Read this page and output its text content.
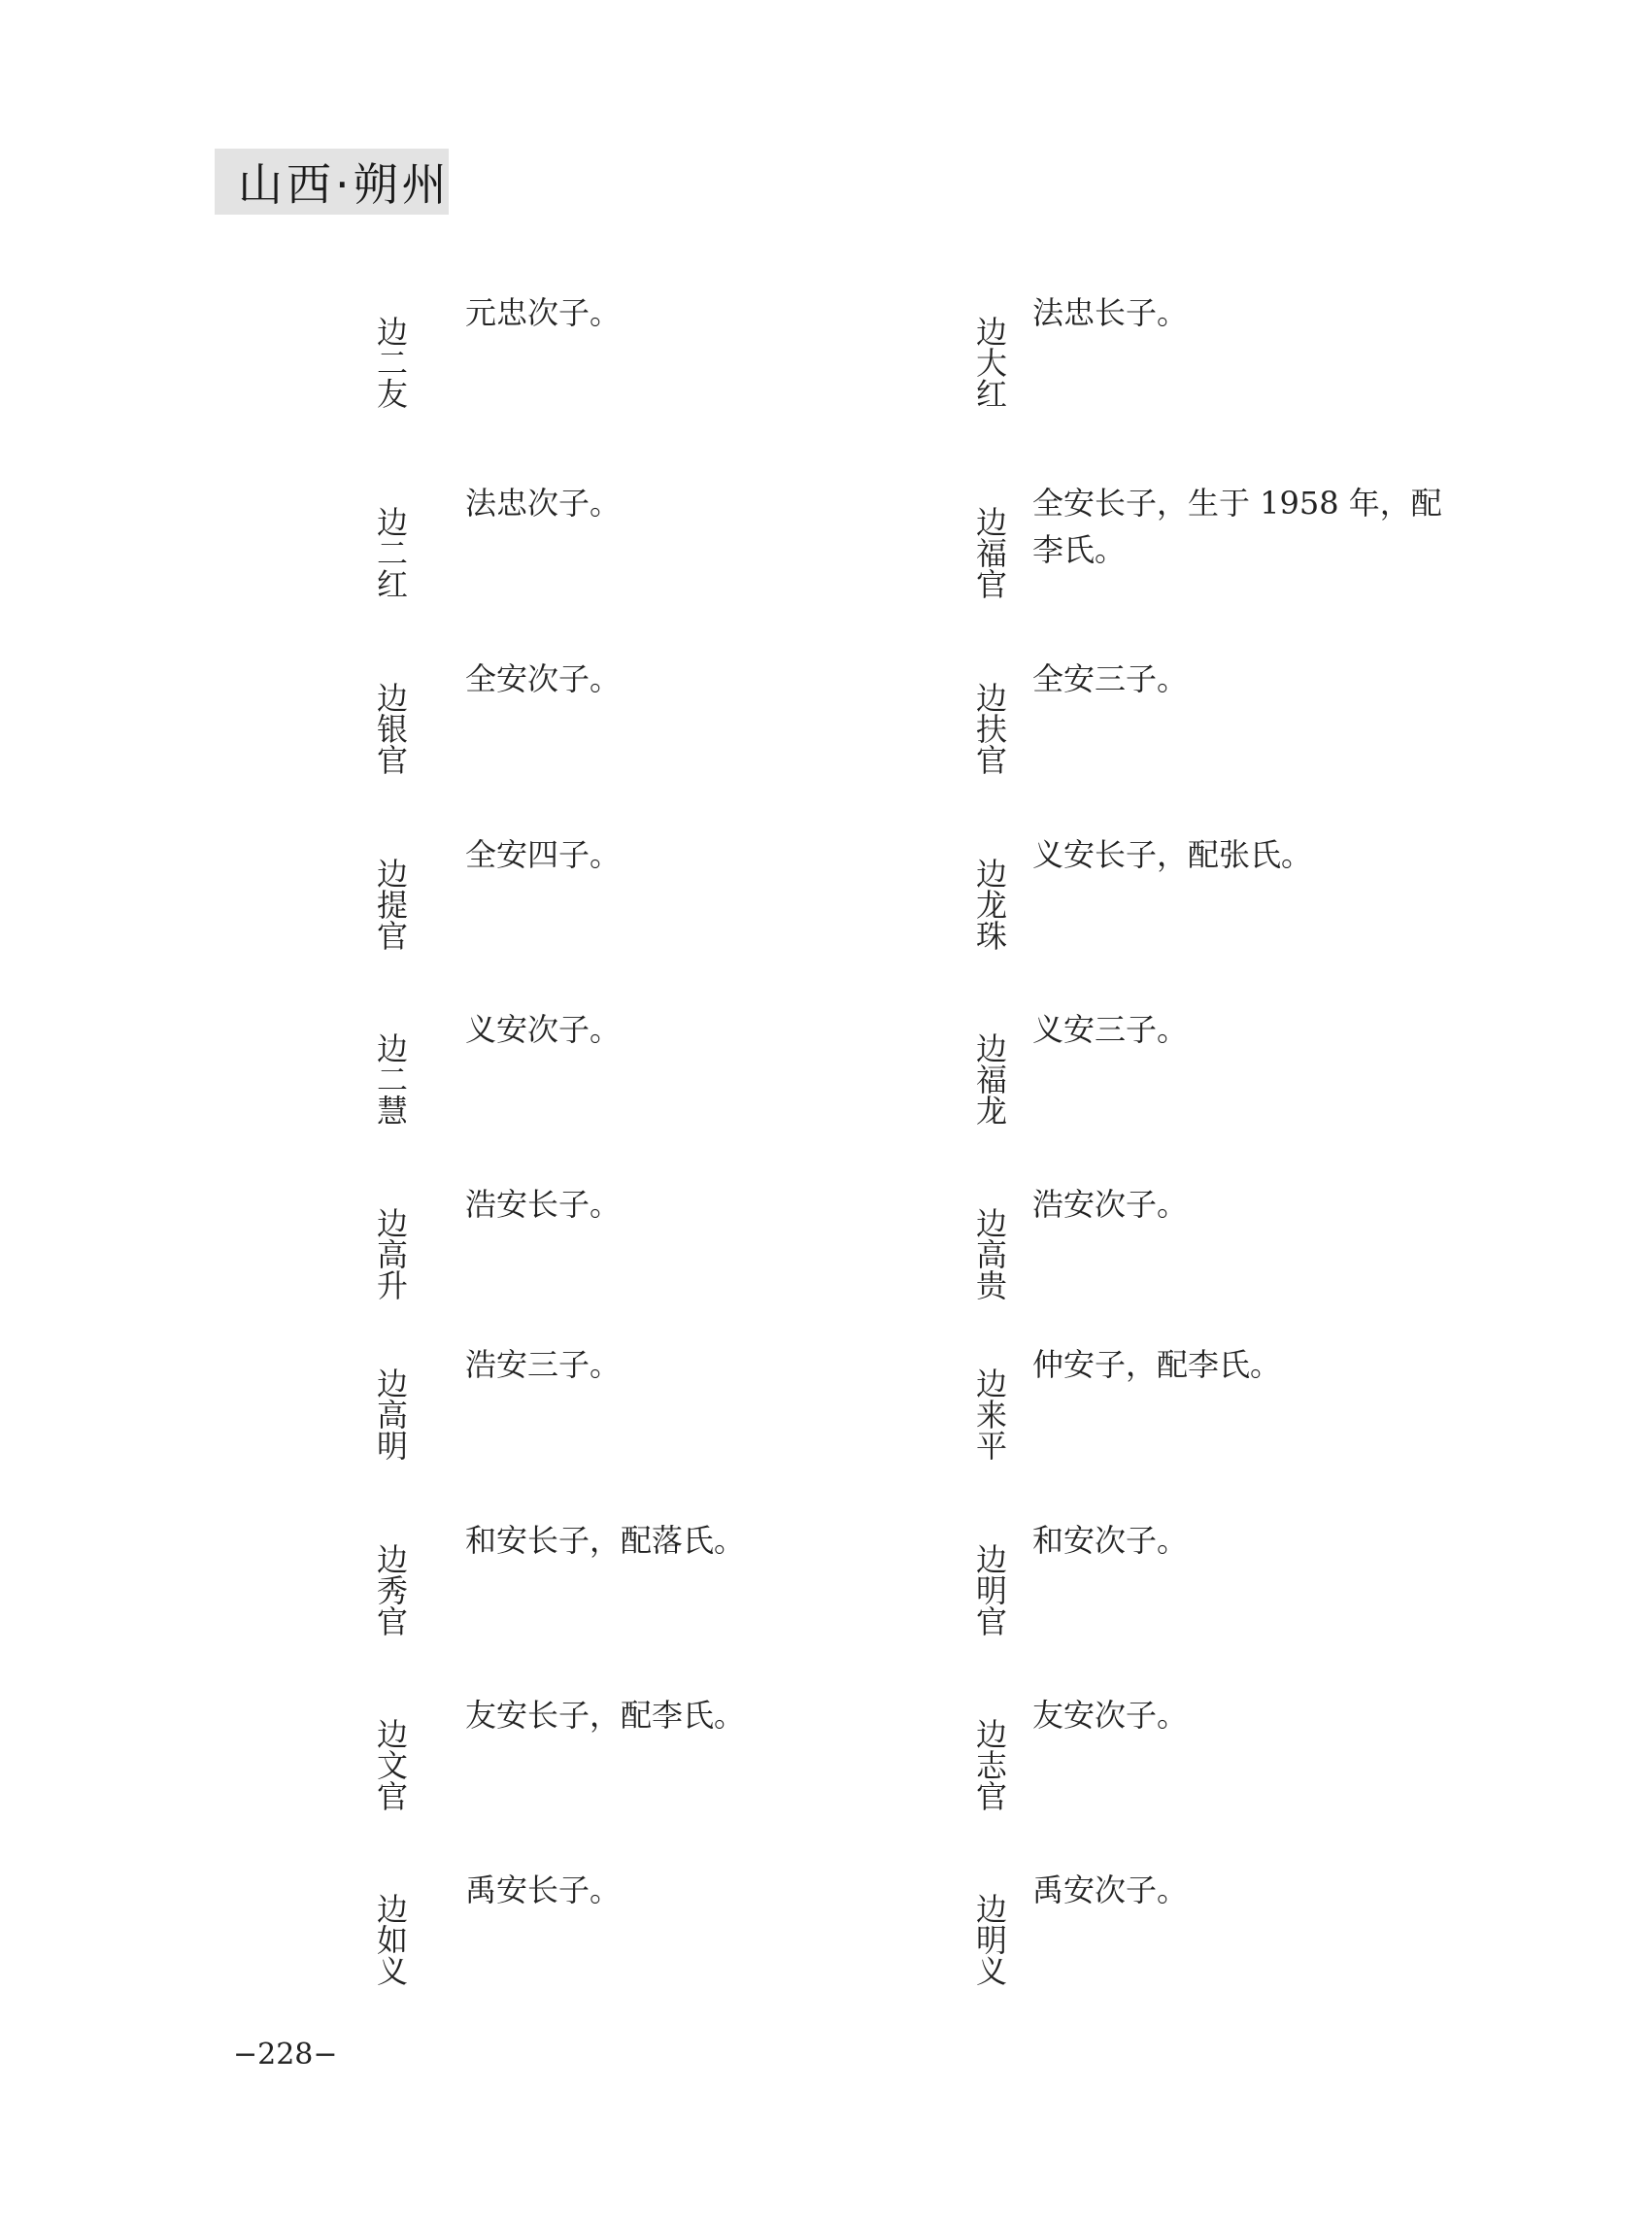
山西·朔州
边二友
元忠次子。
边大红
法忠长子。
边二红
法忠次子。
边福官
全安长子，生于 1958 年，配李氏。
边银官
全安次子。
边扶官
全安三子。
边提官
全安四子。
边龙珠
义安长子，配张氏。
边二慧
义安次子。
边福龙
义安三子。
边高升
浩安长子。
边高贵
浩安次子。
边高明
浩安三子。
边来平
仲安子，配李氏。
边秀官
和安长子，配落氏。
边明官
和安次子。
边文官
友安长子，配李氏。
边志官
友安次子。
边如义
禹安长子。
边明义
禹安次子。
−228−
